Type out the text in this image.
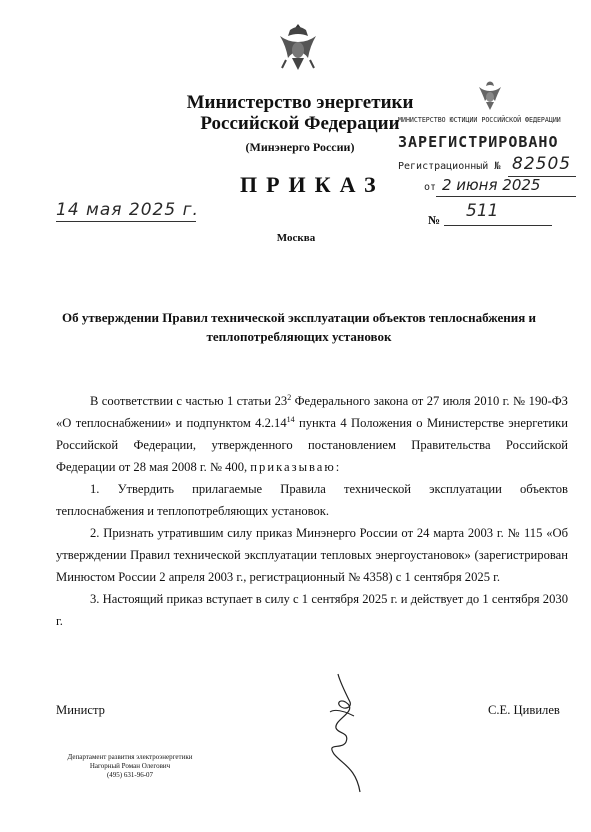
Министерство энергетики
Российской Федерации
(Минэнерго России)
ПРИКАЗ
14 мая 2025 г.	№ 511
Москва
МИНИСТЕРСТВО ЮСТИЦИИ РОССИЙСКОЙ ФЕДЕРАЦИИ
ЗАРЕГИСТРИРОВАНО
Регистрационный № 82505
от 2 июня 2025
Об утверждении Правил технической эксплуатации объектов теплоснабжения и теплопотребляющих установок

В соответствии с частью 1 статьи $23^2$ Федерального закона от 27 июля 2010 г. № 190-ФЗ «О теплоснабжении» и подпунктом 4.2.14$^{14}$ пункта 4 Положения о Министерстве энергетики Российской Федерации, утвержденного постановлением Правительства Российской Федерации от 28 мая 2008 г. № 400, приказываю:

1. Утвердить прилагаемые Правила технической эксплуатации объектов теплоснабжения и теплопотребляющих установок.

2. Признать утратившим силу приказ Минэнерго России от 24 марта 2003 г. № 115 «Об утверждении Правил технической эксплуатации тепловых энергоустановок» (зарегистрирован Минюстом России 2 апреля 2003 г., регистрационный № 4358) с 1 сентября 2025 г.

3. Настоящий приказ вступает в силу с 1 сентября 2025 г. и действует до 1 сентября 2030 г.

Министр	С.Е. Цивилев
Департамент развития электроэнергетики
Нагорный Роман Олегович
(495) 631-96-07
